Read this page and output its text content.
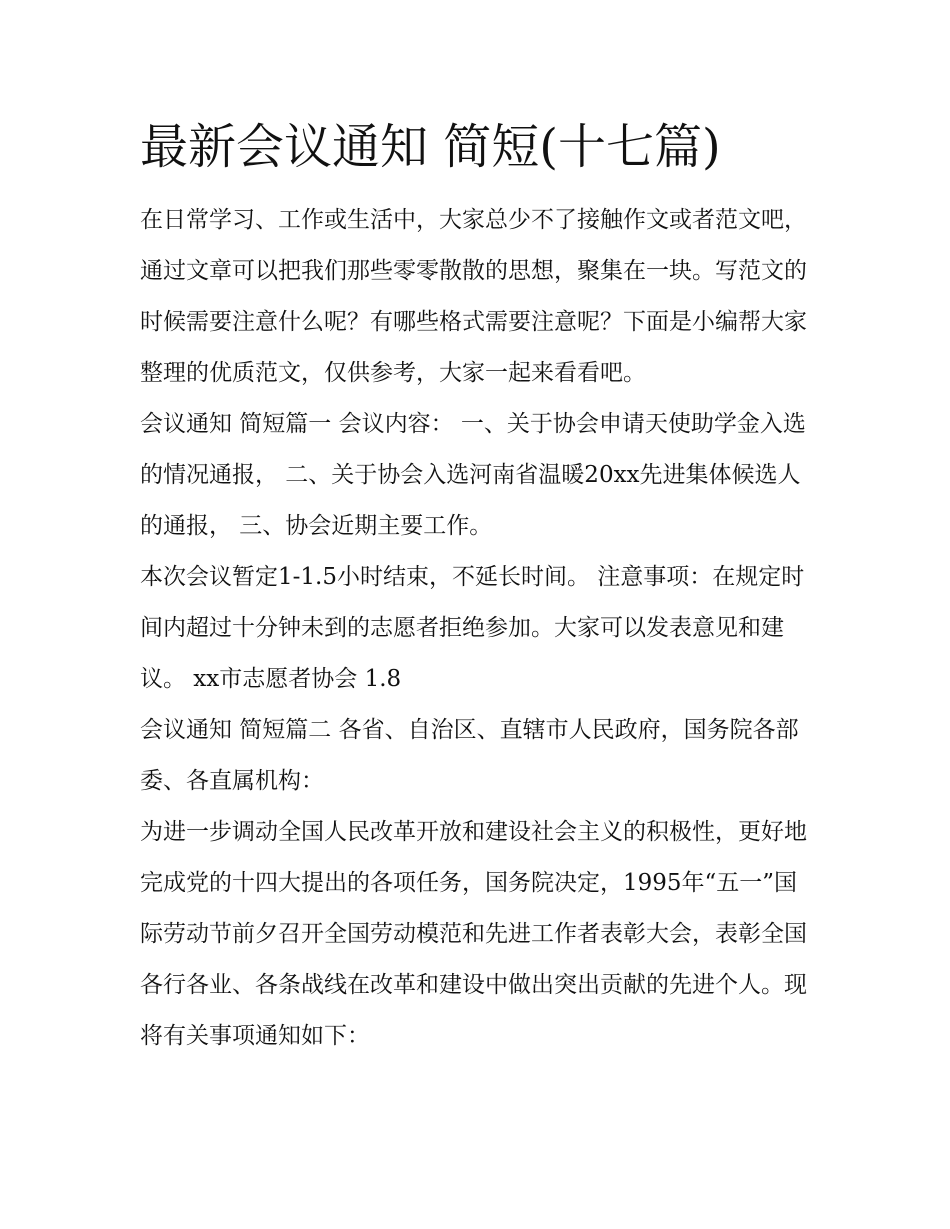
最新会议通知 简短(十七篇)

在日常学习、工作或生活中，大家总少不了接触作文或者范文吧，通过文章可以把我们那些零零散散的思想，聚集在一块。写范文的时候需要注意什么呢？有哪些格式需要注意呢？下面是小编帮大家整理的优质范文，仅供参考，大家一起来看看吧。

会议通知 简短篇一 会议内容： 一、关于协会申请天使助学金入选的情况通报， 二、关于协会入选河南省温暖20xx先进集体候选人的通报， 三、协会近期主要工作。

本次会议暂定1-1.5小时结束，不延长时间。 注意事项：在规定时间内超过十分钟未到的志愿者拒绝参加。大家可以发表意见和建议。 xx市志愿者协会 1.8

会议通知 简短篇二 各省、自治区、直辖市人民政府，国务院各部委、各直属机构：

为进一步调动全国人民改革开放和建设社会主义的积极性，更好地完成党的十四大提出的各项任务，国务院决定，1995年“五一”国际劳动节前夕召开全国劳动模范和先进工作者表彰大会，表彰全国各行各业、各条战线在改革和建设中做出突出贡献的先进个人。现将有关事项通知如下：
